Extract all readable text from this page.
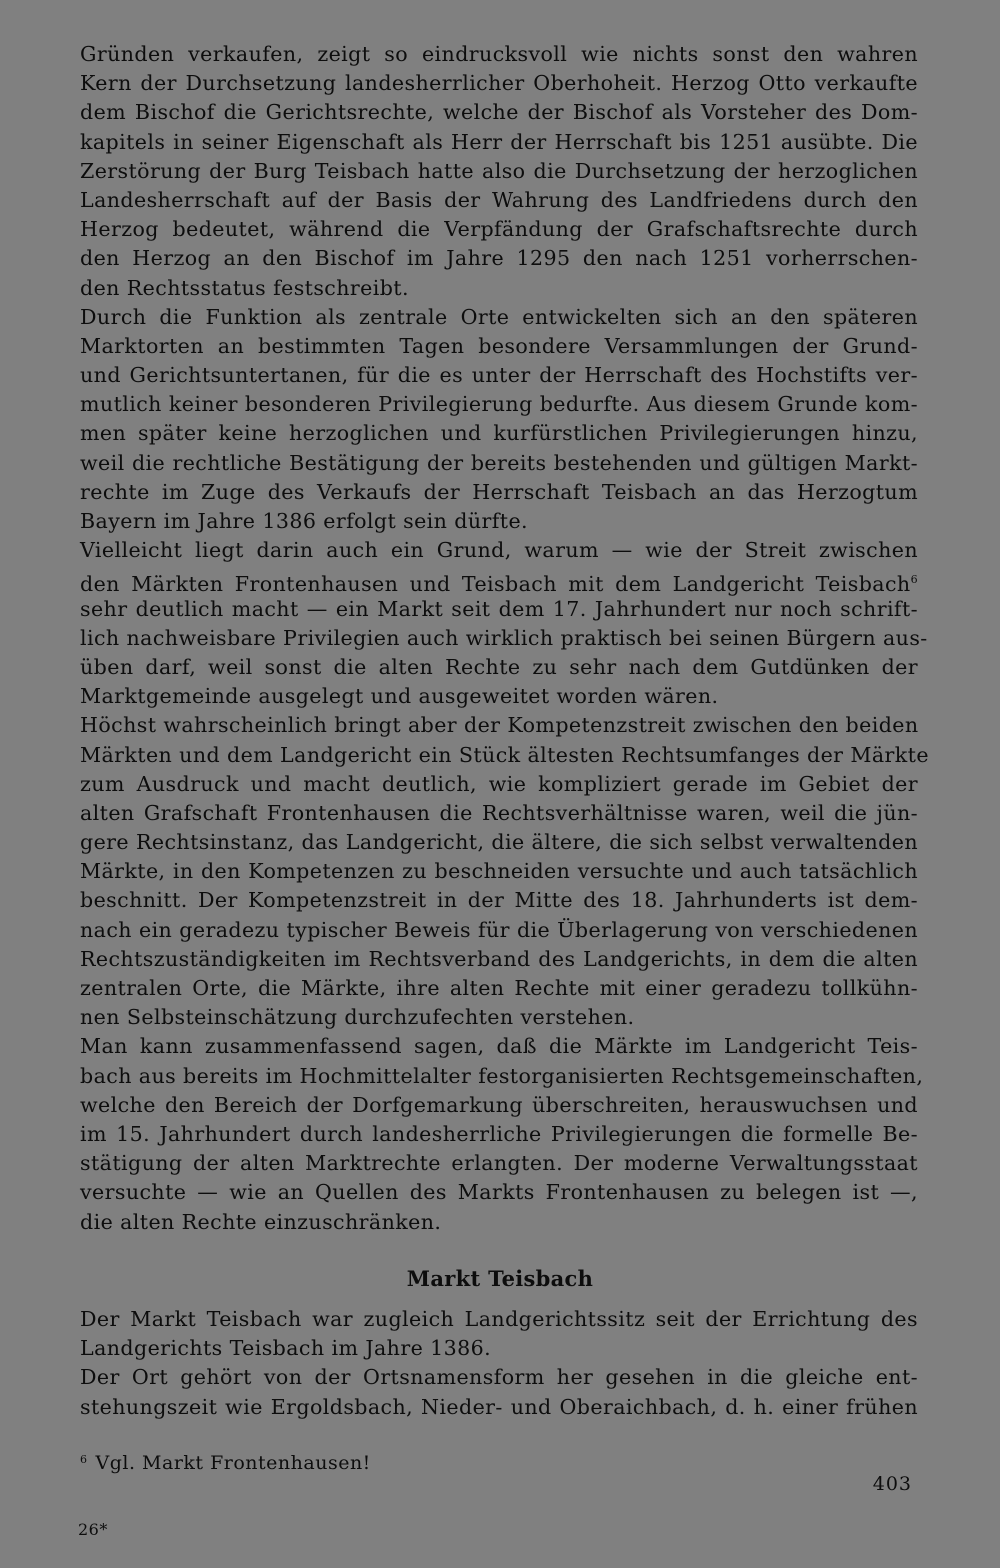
Gründen verkaufen, zeigt so eindrucksvoll wie nichts sonst den wahren
Kern der Durchsetzung landesherrlicher Oberhoheit. Herzog Otto verkaufte
dem Bischof die Gerichtsrechte, welche der Bischof als Vorsteher des Dom-
kapitels in seiner Eigenschaft als Herr der Herrschaft bis 1251 ausübte. Die
Zerstörung der Burg Teisbach hatte also die Durchsetzung der herzoglichen
Landesherrschaft auf der Basis der Wahrung des Landfriedens durch den
Herzog bedeutet, während die Verpfändung der Grafschaftsrechte durch
den Herzog an den Bischof im Jahre 1295 den nach 1251 vorherrschen-
den Rechtsstatus festschreibt.
Durch die Funktion als zentrale Orte entwickelten sich an den späteren
Marktorten an bestimmten Tagen besondere Versammlungen der Grund-
und Gerichtsuntertanen, für die es unter der Herrschaft des Hochstifts ver-
mutlich keiner besonderen Privilegierung bedurfte. Aus diesem Grunde kom-
men später keine herzoglichen und kurfürstlichen Privilegierungen hinzu,
weil die rechtliche Bestätigung der bereits bestehenden und gültigen Markt-
rechte im Zuge des Verkaufs der Herrschaft Teisbach an das Herzogtum
Bayern im Jahre 1386 erfolgt sein dürfte.
Vielleicht liegt darin auch ein Grund, warum — wie der Streit zwischen
den Märkten Frontenhausen und Teisbach mit dem Landgericht Teisbach$^6$
sehr deutlich macht — ein Markt seit dem 17. Jahrhundert nur noch schrift-
lich nachweisbare Privilegien auch wirklich praktisch bei seinen Bürgern aus-
üben darf, weil sonst die alten Rechte zu sehr nach dem Gutdünken der
Marktgemeinde ausgelegt und ausgeweitet worden wären.
Höchst wahrscheinlich bringt aber der Kompetenzstreit zwischen den beiden
Märkten und dem Landgericht ein Stück ältesten Rechtsumfanges der Märkte
zum Ausdruck und macht deutlich, wie kompliziert gerade im Gebiet der
alten Grafschaft Frontenhausen die Rechtsverhältnisse waren, weil die jün-
gere Rechtsinstanz, das Landgericht, die ältere, die sich selbst verwaltenden
Märkte, in den Kompetenzen zu beschneiden versuchte und auch tatsächlich
beschnitt. Der Kompetenzstreit in der Mitte des 18. Jahrhunderts ist dem-
nach ein geradezu typischer Beweis für die Überlagerung von verschiedenen
Rechtszuständigkeiten im Rechtsverband des Landgerichts, in dem die alten
zentralen Orte, die Märkte, ihre alten Rechte mit einer geradezu tollkühn-
nen Selbsteinschätzung durchzufechten verstehen.
Man kann zusammenfassend sagen, daß die Märkte im Landgericht Teis-
bach aus bereits im Hochmittelalter festorganisierten Rechtsgemeinschaften,
welche den Bereich der Dorfgemarkung überschreiten, herauswuchsen und
im 15. Jahrhundert durch landesherrliche Privilegierungen die formelle Be-
stätigung der alten Marktrechte erlangten. Der moderne Verwaltungsstaat
versuchte — wie an Quellen des Markts Frontenhausen zu belegen ist —,
die alten Rechte einzuschränken.
Markt Teisbach
Der Markt Teisbach war zugleich Landgerichtssitz seit der Errichtung des
Landgerichts Teisbach im Jahre 1386.
Der Ort gehört von der Ortsnamensform her gesehen in die gleiche ent-
stehungszeit wie Ergoldsbach, Nieder- und Oberaichbach, d. h. einer frühen
$^6$ Vgl. Markt Frontenhausen!
403
26*
